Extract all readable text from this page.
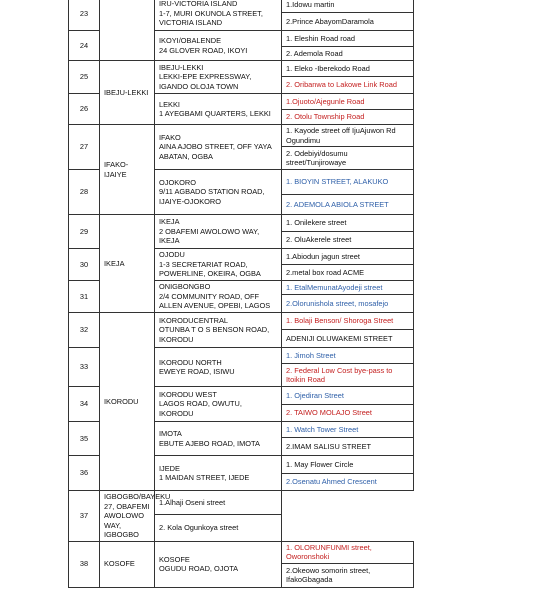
23		IRU-VICTORIA ISLAND
1-7, MURI OKUNOLA STREET,
VICTORIA ISLAND	1.Idowu martin
			2.Prince AbayomDaramola
24		IKOYI/OBALENDE
24 GLOVER ROAD, IKOYI	1. Eleshin Road road
			2. Ademola Road
25	IBEJU-LEKKI	IBEJU-LEKKI
LEKKI-EPE EXPRESSWAY,
IGANDO OLOJA TOWN	1. Eleko -Iberekodo Road
			2. Oribanwa to Lakowe Link Road
26		LEKKI
1 AYEGBAMI QUARTERS, LEKKI	1.Ojuoto/Ajegunle Road
			2. Otolu Township Road
27	IFAKO-IJAIYE	IFAKO
AINA AJOBO STREET, OFF YAYA
ABATAN, OGBA	1. Kayode street off IjuAjuwon Rd Ogundimu
			2. Odebiyi/dosumu street/Tunjirowaye
28		OJOKORO
9/11 AGBADO STATION ROAD,
IJAIYE-OJOKORO	1. BIOYIN STREET, ALAKUKO
			2. ADEMOLA ABIOLA STREET
29	IKEJA	IKEJA
2 OBAFEMI AWOLOWO WAY,
IKEJA	1. Onilekere street
			2. OluAkerele street
30		OJODU
1-3 SECRETARIAT ROAD,
POWERLINE, OKEIRA, OGBA	1.Abiodun jagun street
			2.metal box road ACME
31		ONIGBONGBO
2/4 COMMUNITY ROAD, OFF
ALLEN AVENUE, OPEBI, LAGOS	1. EtalMemunatAyodeji street
			2.Olorunishola street, mosafejo
32	IKORODU	IKORODUCENTRAL
OTUNBA T O S BENSON ROAD,
IKORODU	1. Bolaji Benson/ Shoroga Street
			ADENIJI OLUWAKEMI STREET
33		IKORODU NORTH
EWEYE ROAD, ISIWU	1. Jimoh Street
			2. Federal Low Cost bye-pass to Itoikin Road
34		IKORODU WEST
LAGOS ROAD, OWUTU,
IKORODU	1. Ojediran Street
			2. TAIWO MOLAJO Street
35		IMOTA
EBUTE AJEBO ROAD, IMOTA	1. Watch Tower Street
			2.IMAM SALISU STREET
36		IJEDE
1 MAIDAN STREET, IJEDE	1. May Flower Circle
			2.Osenatu Ahmed Crescent
37	IGBOGBO/BAYEKU
27, OBAFEMI AWOLOWO WAY,
IGBOGBO	1.Alhaji Oseni street	
		2. Kola Ogunkoya street	
38	KOSOFE	KOSOFE
OGUDU ROAD, OJOTA	1. OLORUNFUNMI street, Oworonshoki
			2.Okeowo somorin street, IfakoGbagada
